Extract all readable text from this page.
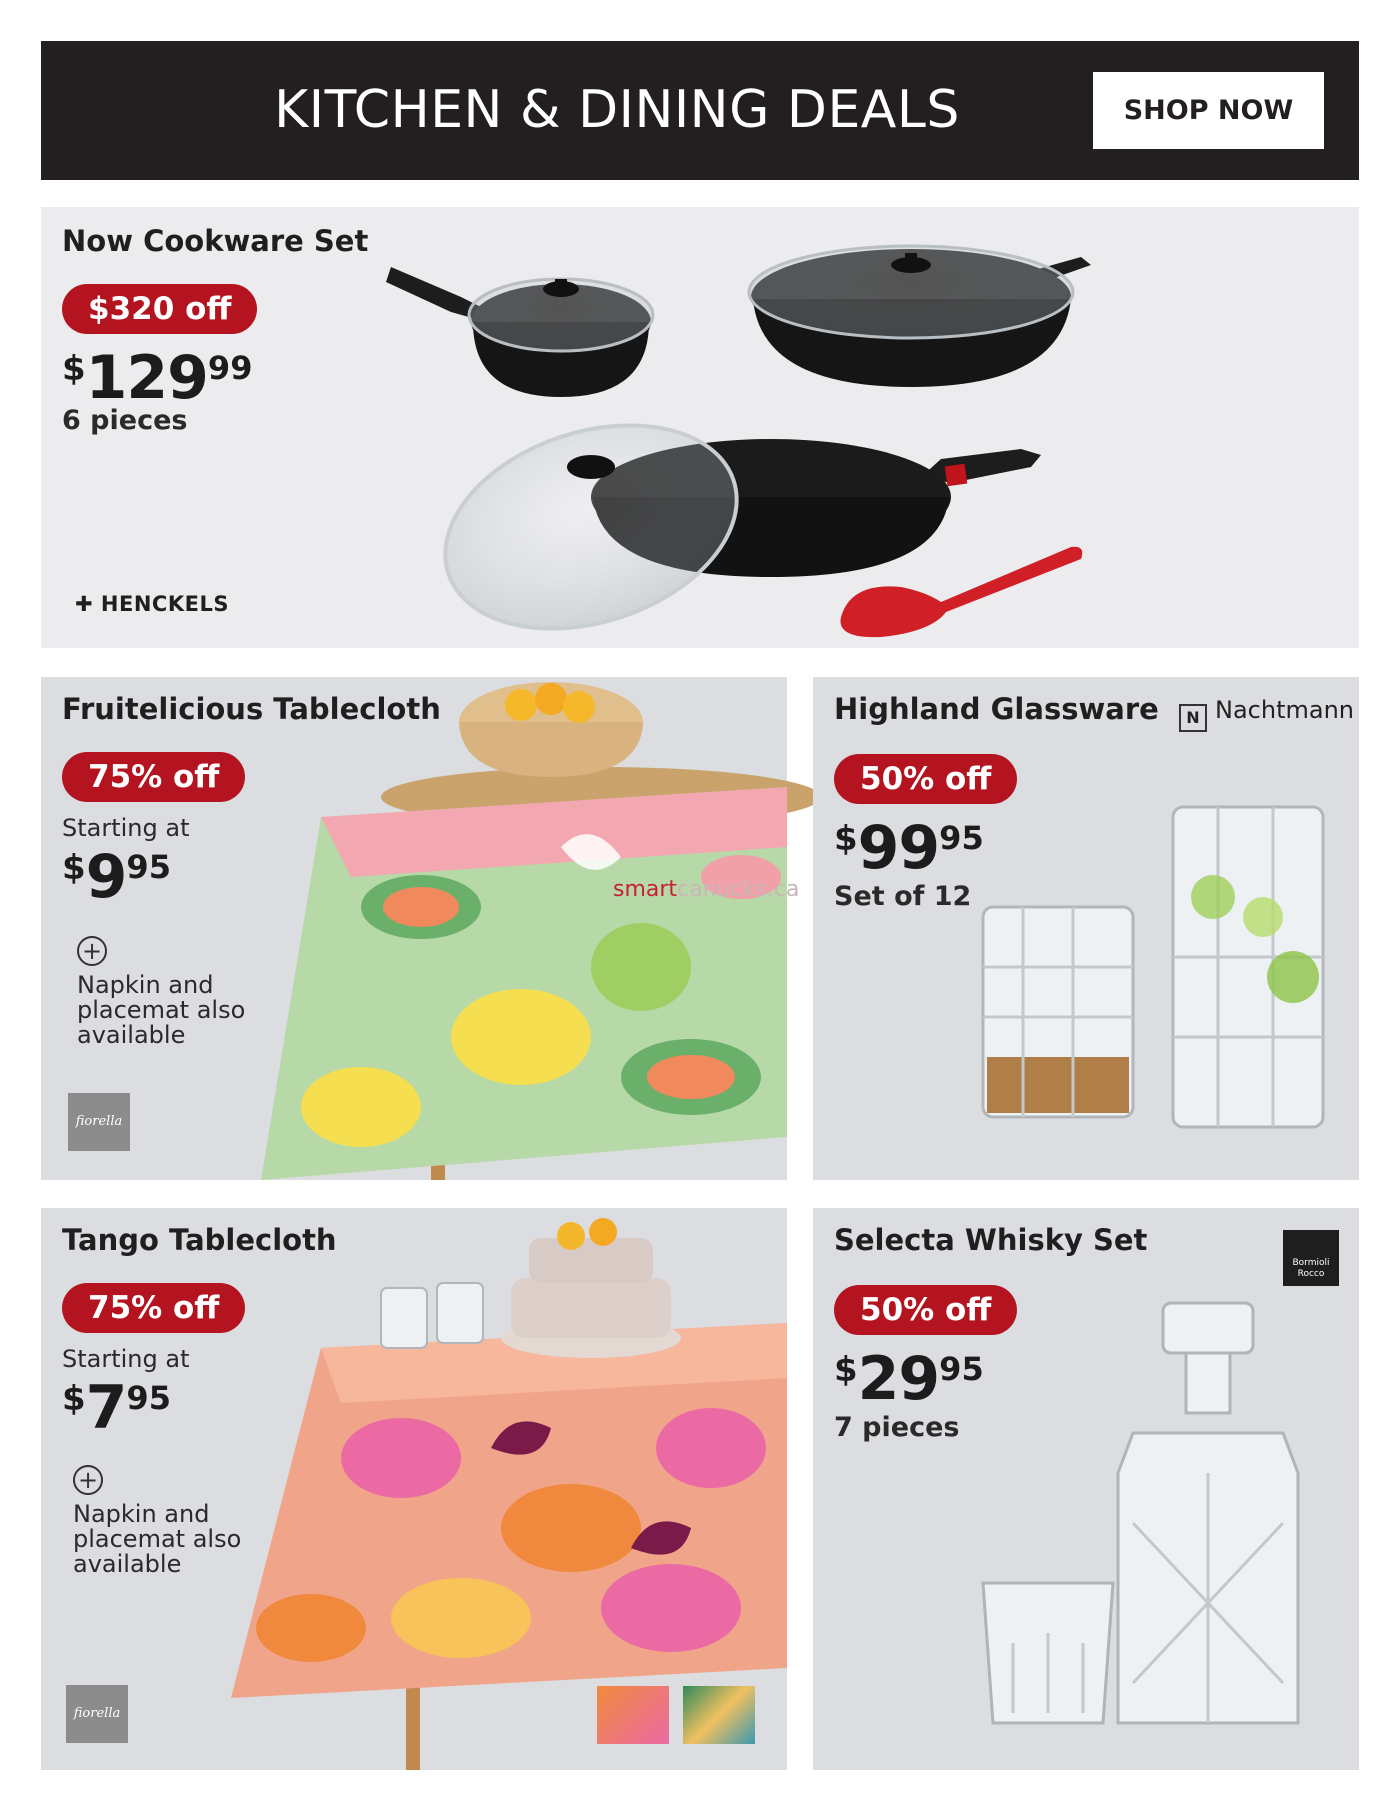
KITCHEN & DINING DEALS	SHOP NOW
Now Cookware Set
$320 off
$12999
6 pieces
✚ HENCKELS
Fruitelicious Tablecloth
75% off
Starting at
$995
+
Napkin and placemat also available
fiorella
smartcanucks.ca
Highland Glassware	N Nachtmann
50% off
$9995
Set of 12
Tango Tablecloth
75% off
Starting at
$795
+
Napkin and placemat also available
fiorella
Selecta Whisky Set
Bormioli
Rocco
50% off
$2995
7 pieces
